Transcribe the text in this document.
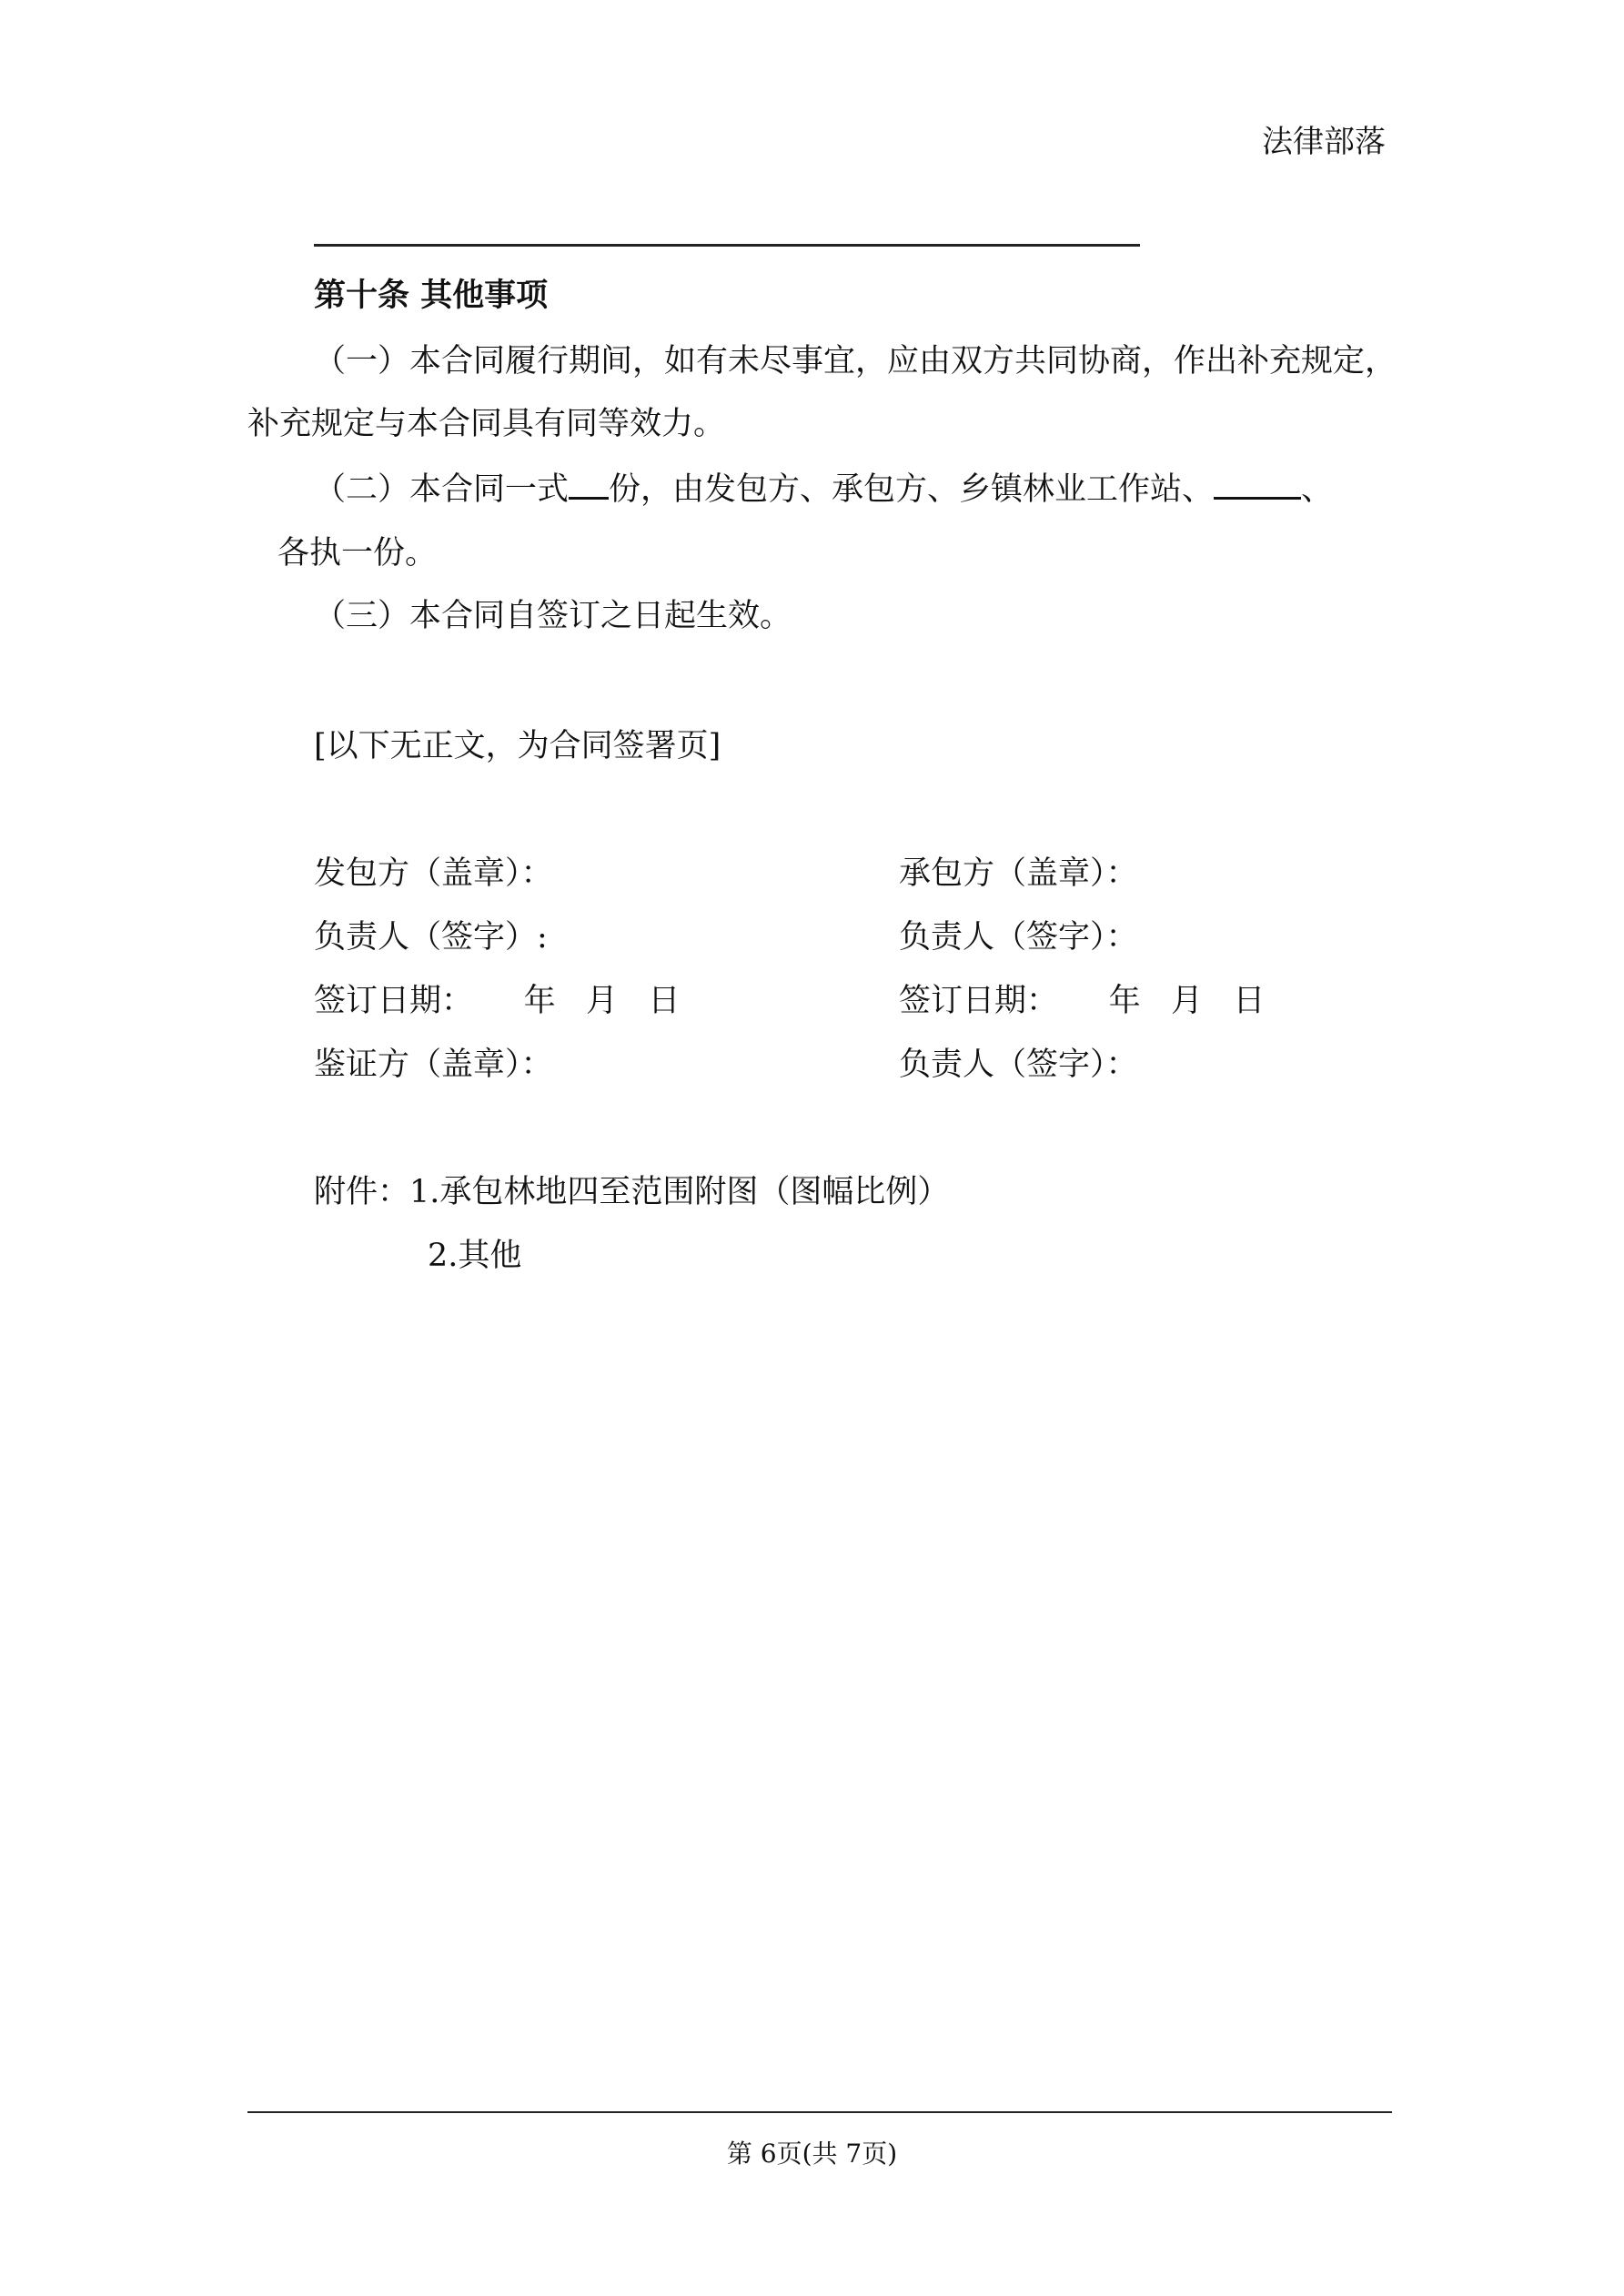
法律部落
第十条 其他事项
（一）本合同履行期间，如有未尽事宜，应由双方共同协商，作出补充规定，
补充规定与本合同具有同等效力。
（二）本合同一式 份，由发包方、承包方、乡镇林业工作站、	、
各执一份。
（三）本合同自签订之日起生效。
[以下无正文，为合同签署页]
发包方（盖章）：
负责人（签字）:
签订日期：     年   月   日
鉴证方（盖章）：
承包方（盖章）：
负责人（签字）：
签订日期：     年   月   日
负责人（签字）：
附件：1.承包林地四至范围附图（图幅比例）
2.其他
第 6页(共 7页)
